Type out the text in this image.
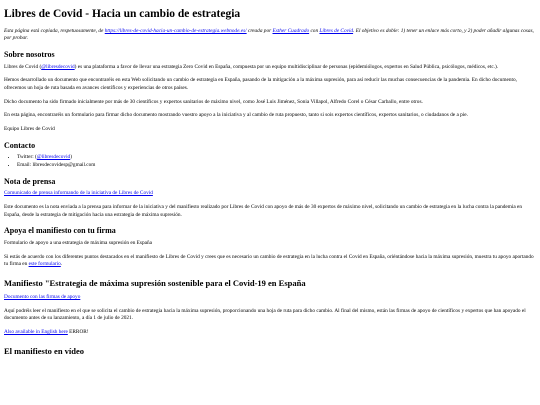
Libres de Covid - Hacia un cambio de estrategia

Esta página está copiada, respetuosamente, de https://libres-de-covid-hacia-un-cambio-de-estrategia.webnode.es/ creada por Esther Cuadrado con Libres de Covid. El objetivo es doble: 1) tener un enlace más corto, y 2) poder añadir algunas cosas, por probar.

Sobre nosotros

Libres de Covid (@libresdecovid) es una plataforma a favor de llevar una estrategia Zero Covid en España, compuesta por un equipo multidisciplinar de personas (epidemiólogos, expertos en Salud Pública, psicólogos, médicos, etc.).

Hemos desarrollado un documento que encontraréis en esta Web solicitando un cambio de estrategia en España, pasando de la mitigación a la máxima supresión, para así reducir las muchas consecuencias de la pandemia. En dicho documento, ofrecemos un hoja de ruta basada en avances científicos y experiencias de otros países.

Dicho documento ha sido firmado inicialmente por más de 30 científicos y expertos sanitarios de máximo nivel, como José Luis Jiménez, Sonia Villapol, Alfredo Corel o César Carballo, entre otros.

En esta página, encontraréis un formulario para firmar dicho documento mostrando vuestro apoyo a la iniciativa y al cambio de ruta propuesto, tanto si sois expertos científicos, expertos sanitarios, o ciudadanos de a pie.

Equipo Libres de Covid

Contacto
• Twitter: (@libresdecovid)
• Email: libresdecovidesp@gmail.com
Nota de prensa

Comunicado de prensa informando de la iniciativa de Libres de Covid

Este documento es la nota enviada a la prensa para informar de la iniciativa y del manifiesto realizado por Libres de Covid con apoyo de más de 30 expertos de máximo nivel, solicitando un cambio de estrategia en la lucha contra la pandemia en España, desde la estrategia de mitigación hacia una estrategia de máxima supresión.

Apoya el manifiesto con tu firma

Formulario de apoyo a una estrategia de máxima supresión en España

Si estás de acuerdo con los diferentes puntos destacados en el manifiesto de Libres de Covid y crees que es necesario un cambio de estrategia en la lucha contra el Covid en España, oriéntándose hacia la máxima supresión, muestra tu apoyo aportando tu firma en este formulario.

Manifiesto "Estrategia de máxima supresión sostenible para el Covid-19 en España

Documento con las firmas de apoyo

Aquí podréis leer el manifiesto en el que se solicita el cambio de estrategia hacia la máxima supresión, proporcionando una hoja de ruta para dicho cambio. Al final del mismo, están las firmas de apoyo de científicos y expertos que han apoyado el documento antes de su lanzamiento, a día 1 de julio de 2021.

Also available in English here ERROR!

El manifiesto en vídeo
